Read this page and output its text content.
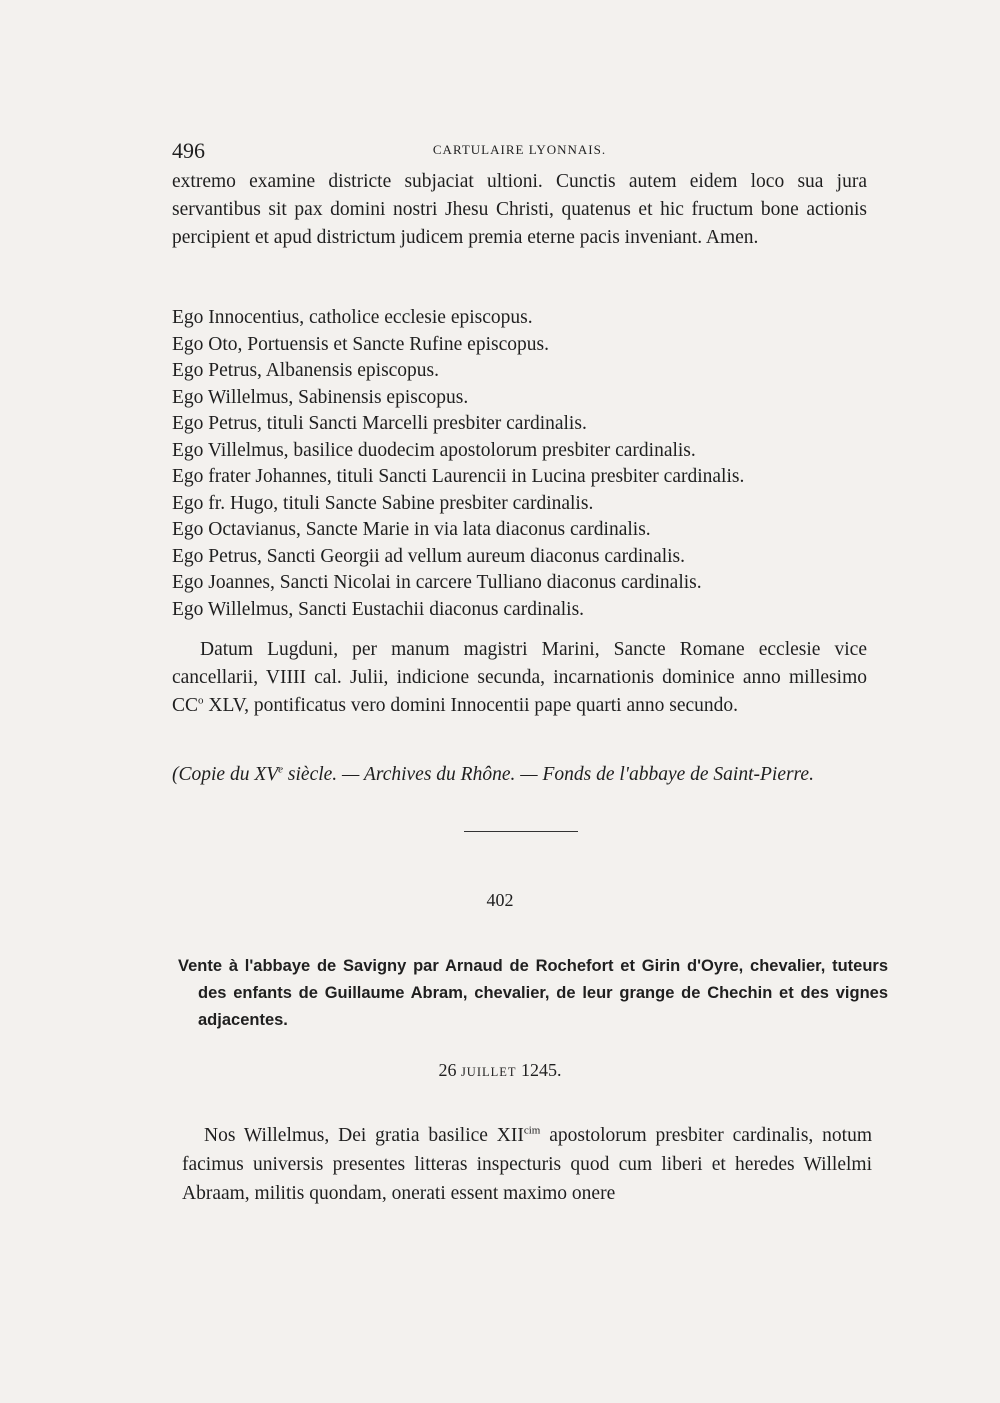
496	CARTULAIRE LYONNAIS.

extremo examine districte subjaciat ultioni. Cunctis autem eidem loco sua jura servantibus sit pax domini nostri Jhesu Christi, quatenus et hic fructum bone actionis percipient et apud districtum judicem premia eterne pacis inveniant. Amen.

Ego Innocentius, catholice ecclesie episcopus.
Ego Oto, Portuensis et Sancte Rufine episcopus.
Ego Petrus, Albanensis episcopus.
Ego Willelmus, Sabinensis episcopus.
Ego Petrus, tituli Sancti Marcelli presbiter cardinalis.
Ego Villelmus, basilice duodecim apostolorum presbiter cardinalis.
Ego frater Johannes, tituli Sancti Laurencii in Lucina presbiter cardinalis.
Ego fr. Hugo, tituli Sancte Sabine presbiter cardinalis.
Ego Octavianus, Sancte Marie in via lata diaconus cardinalis.
Ego Petrus, Sancti Georgii ad vellum aureum diaconus cardinalis.
Ego Joannes, Sancti Nicolai in carcere Tulliano diaconus cardinalis.
Ego Willelmus, Sancti Eustachii diaconus cardinalis.

Datum Lugduni, per manum magistri Marini, Sancte Romane ecclesie vice cancellarii, VIIII cal. Julii, indicione secunda, incarnationis dominice anno millesimo $CC^o$ XLV, pontificatus vero domini Innocentii pape quarti anno secundo.

(Copie du XVe siècle. — Archives du Rhône. — Fonds de l'abbaye de Saint-Pierre.

402

Vente à l'abbaye de Savigny par Arnaud de Rochefort et Girin d'Oyre, chevalier, tuteurs des enfants de Guillaume Abram, chevalier, de leur grange de Chechin et des vignes adjacentes.

26 JUILLET 1245.

Nos Willelmus, Dei gratia basilice $XII^{cim}$ apostolorum presbiter cardinalis, notum facimus universis presentes litteras inspecturis quod cum liberi et heredes Willelmi Abraam, militis quondam, onerati essent maximo onere
